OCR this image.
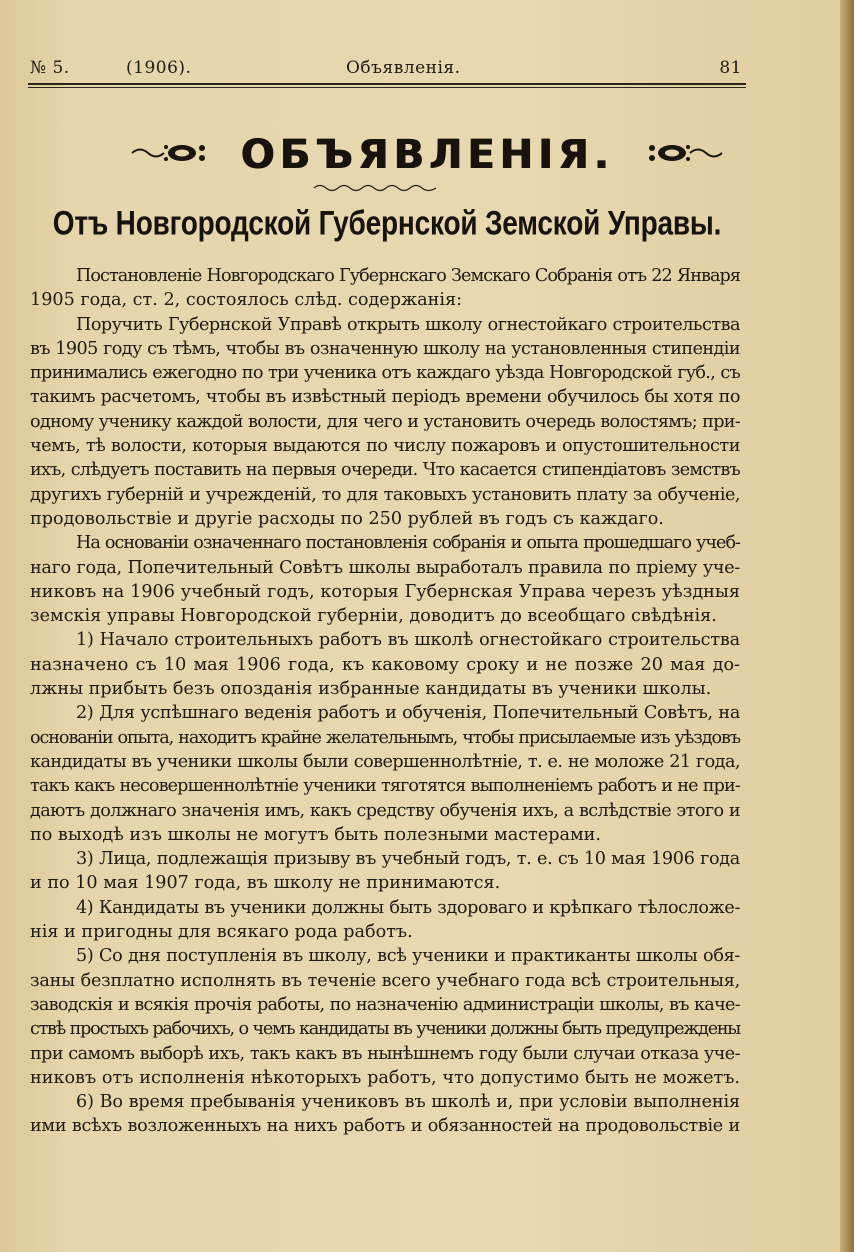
№ 5.	(1906).	Объявленія.	81
ОБЪЯВЛЕНІЯ.
Отъ Новгородской Губернской Земской Управы.
Постановленіе Новгородскаго Губернскаго Земскаго Собранія отъ 22 Января
1905 года, ст. 2, состоялось слѣд. содержанія:
Поручить Губернской Управѣ открыть школу огнестойкаго строительства
въ 1905 году съ тѣмъ, чтобы въ означенную школу на установленныя стипендіи
принимались ежегодно по три ученика отъ каждаго уѣзда Новгородской губ., съ
такимъ расчетомъ, чтобы въ извѣстный періодъ времени обучилось бы хотя по
одному ученику каждой волости, для чего и установить очередь волостямъ; при-
чемъ, тѣ волости, которыя выдаются по числу пожаровъ и опустошительности
ихъ, слѣдуетъ поставить на первыя очереди. Что касается стипендіатовъ земствъ
другихъ губерній и учрежденій, то для таковыхъ установить плату за обученіе,
продовольствіе и другіе расходы по 250 рублей въ годъ съ каждаго.
На основаніи означеннаго постановленія собранія и опыта прошедшаго учеб-
наго года, Попечительный Совѣтъ школы выработалъ правила по пріему уче-
никовъ на 1906 учебный годъ, которыя Губернская Управа черезъ уѣздныя
земскія управы Новгородской губерніи, доводитъ до всеобщаго свѣдѣнія.
1) Начало строительныхъ работъ въ школѣ огнестойкаго строительства
назначено съ 10 мая 1906 года, къ каковому сроку и не позже 20 мая до-
лжны прибыть безъ опозданія избранные кандидаты въ ученики школы.
2) Для успѣшнаго веденія работъ и обученія, Попечительный Совѣтъ, на
основаніи опыта, находитъ крайне желательнымъ, чтобы присылаемые изъ уѣздовъ
кандидаты въ ученики школы были совершеннолѣтніе, т. е. не моложе 21 года,
такъ какъ несовершеннолѣтніе ученики тяготятся выполненіемъ работъ и не при-
даютъ должнаго значенія имъ, какъ средству обученія ихъ, а вслѣдствіе этого и
по выходѣ изъ школы не могутъ быть полезными мастерами.
3) Лица, подлежащія призыву въ учебный годъ, т. е. съ 10 мая 1906 года
и по 10 мая 1907 года, въ школу не принимаются.
4) Кандидаты въ ученики должны быть здороваго и крѣпкаго тѣлосложе-
нія и пригодны для всякаго рода работъ.
5) Со дня поступленія въ школу, всѣ ученики и практиканты школы обя-
заны безплатно исполнять въ теченіе всего учебнаго года всѣ строительныя,
заводскія и всякія прочія работы, по назначенію администраціи школы, въ каче-
ствѣ простыхъ рабочихъ, о чемъ кандидаты въ ученики должны быть предупреждены
при самомъ выборѣ ихъ, такъ какъ въ нынѣшнемъ году были случаи отказа уче-
никовъ отъ исполненія нѣкоторыхъ работъ, что допустимо быть не можетъ.
6) Во время пребыванія учениковъ въ школѣ и, при условіи выполненія
ими всѣхъ возложенныхъ на нихъ работъ и обязанностей на продовольствіе и
